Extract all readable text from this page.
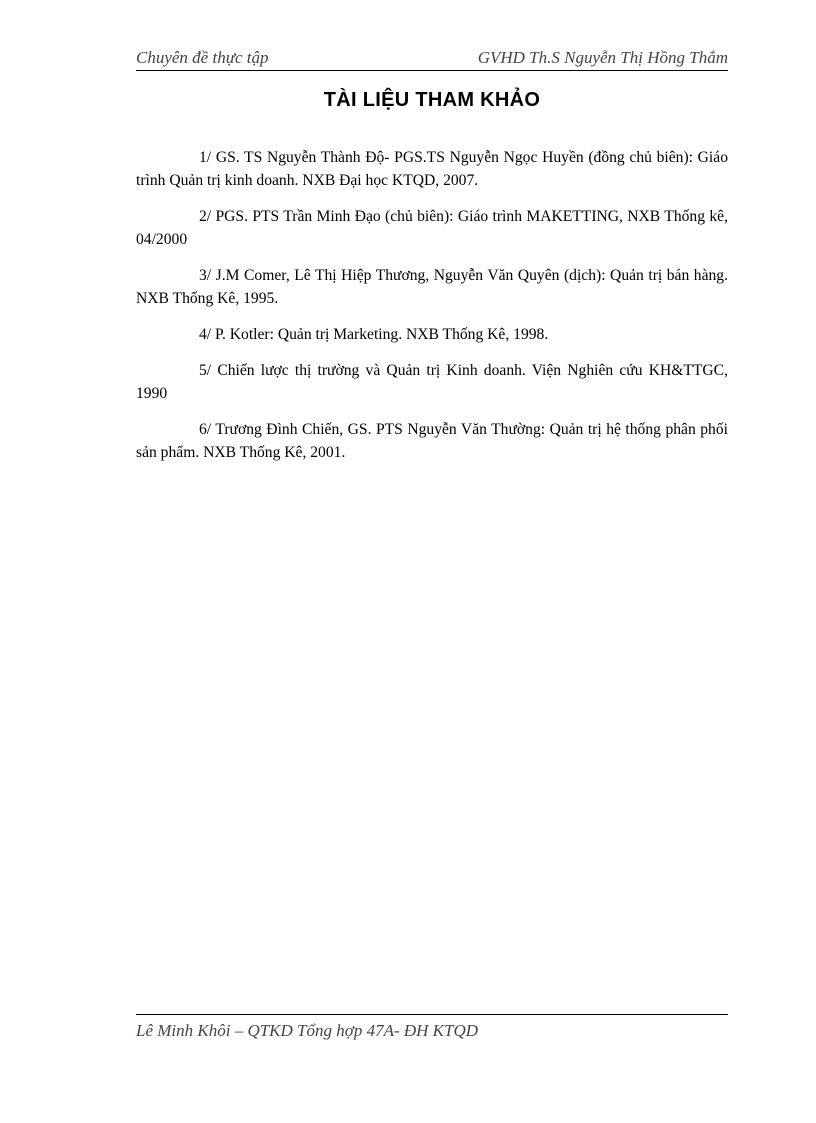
Chuyên đề thực tập	GVHD Th.S Nguyễn Thị Hồng Thắm
TÀI LIỆU THAM KHẢO
1/ GS. TS Nguyễn Thành Độ- PGS.TS Nguyễn Ngọc Huyền (đồng chủ biên): Giáo trình Quản trị kinh doanh. NXB Đại học KTQD, 2007.
2/ PGS. PTS Trần Minh Đạo (chủ biên): Giáo trình MAKETTING, NXB Thống kê, 04/2000
3/ J.M Comer, Lê Thị Hiệp Thương, Nguyễn Văn Quyên (dịch): Quản trị bán hàng. NXB Thống Kê, 1995.
4/ P. Kotler: Quản trị Marketing. NXB Thống Kê, 1998.
5/ Chiến lược thị trường và Quản trị Kinh doanh. Viện Nghiên cứu KH&TTGC, 1990
6/ Trương Đình Chiến, GS. PTS Nguyễn Văn Thường: Quản trị hệ thống phân phối sản phẩm. NXB Thống Kê, 2001.
Lê Minh Khôi – QTKD Tổng hợp 47A- ĐH KTQD
